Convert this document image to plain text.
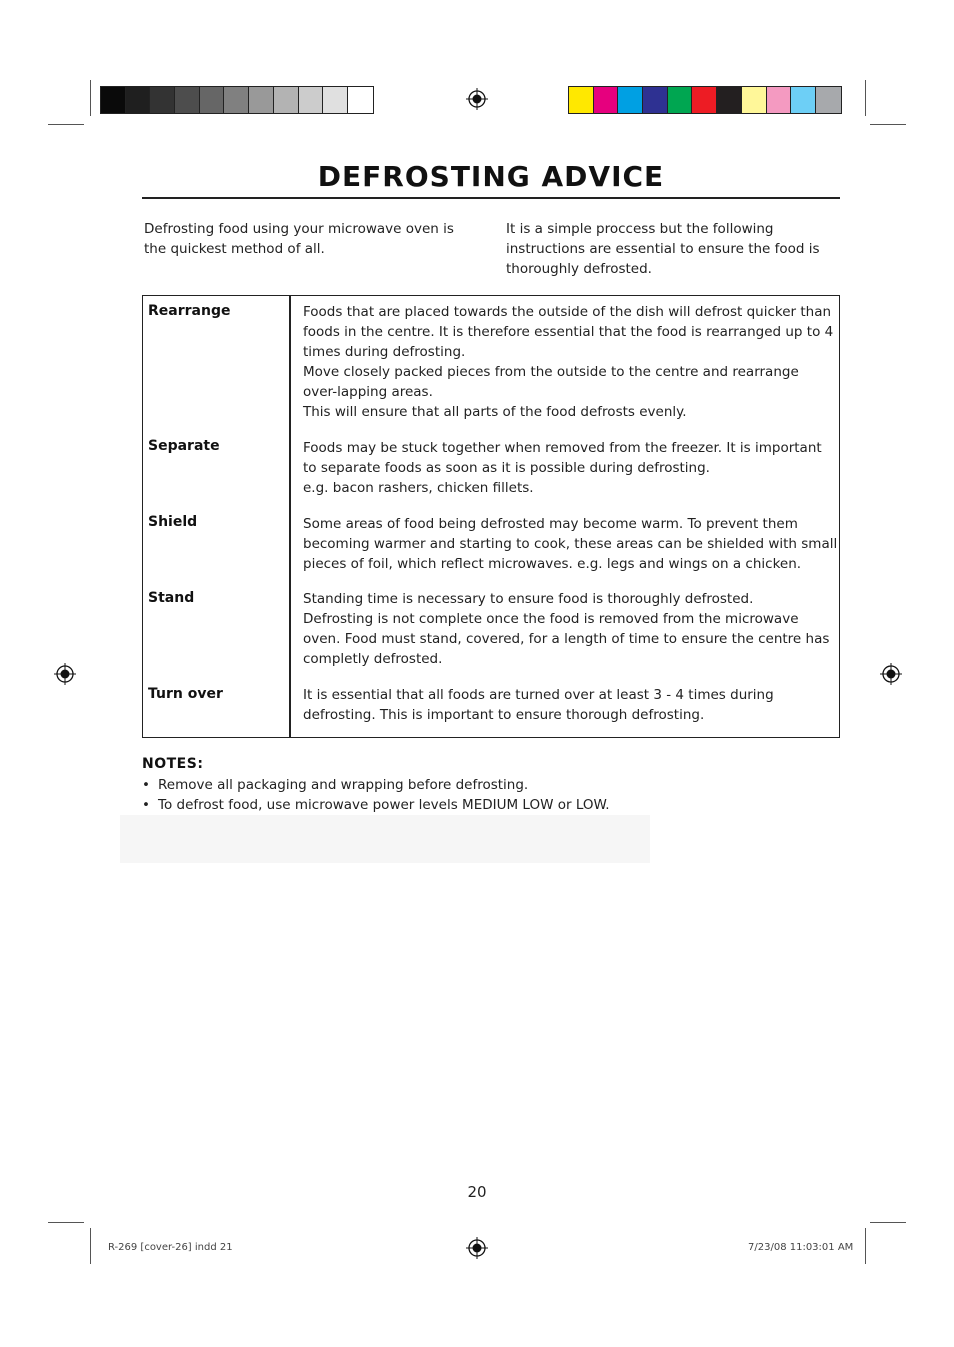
DEFROSTING ADVICE
Defrosting food using your microwave oven is
the quickest method of all.
It is a simple proccess but the following
instructions are essential to ensure the food is
thoroughly defrosted.
Rearrange	Foods that are placed towards the outside of the dish will defrost quicker than
foods in the centre. It is therefore essential that the food is rearranged up to 4
times during defrosting.
Move closely packed pieces from the outside to the centre and rearrange
over-lapping areas.
This will ensure that all parts of the food defrosts evenly.
Separate	Foods may be stuck together when removed from the freezer. It is important
to separate foods as soon as it is possible during defrosting.
e.g. bacon rashers, chicken fillets.
Shield	Some areas of food being defrosted may become warm. To prevent them
becoming warmer and starting to cook, these areas can be shielded with small
pieces of foil, which reflect microwaves. e.g. legs and wings on a chicken.
Stand	Standing time is necessary to ensure food is thoroughly defrosted.
Defrosting is not complete once the food is removed from the microwave
oven. Food must stand, covered, for a length of time to ensure the centre has
completly defrosted.
Turn over	It is essential that all foods are turned over at least 3 - 4 times during
defrosting. This is important to ensure thorough defrosting.
NOTES:
• Remove all packaging and wrapping before defrosting.
• To defrost food, use microwave power levels MEDIUM LOW or LOW.
20
R-269 [cover-26] indd 21	7/23/08 11:03:01 AM
